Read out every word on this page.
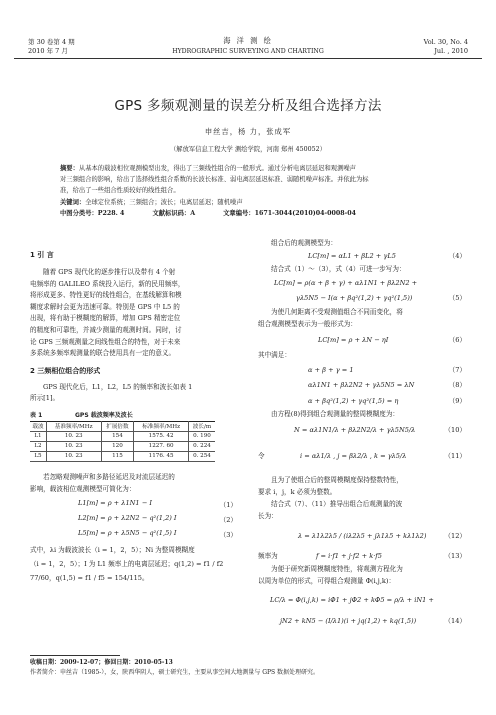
第 30 卷第 4 期
2010 年 7 月
海 洋 测 绘
HYDROGRAPHIC SURVEYING AND CHARTING
Vol. 30, No. 4
Jul. , 2010
GPS 多频观测量的误差分析及组合选择方法
申丝吉，杨 力，张成军
（解放军信息工程大学 测绘学院，河南 郑州 450052）
摘要：从基本的载波相位观测模型出发，得出了三频线性组合的一般形式。通过分析电离层延迟和观测噪声
对三频组合的影响，给出了选择线性组合系数的长波长标准、弱电离层延迟标准、弱随机噪声标准。并依此为标
准，给出了一些组合性质较好的线性组合。
关键词：全球定位系统；三频组合；波长；电离层延迟；随机噪声
中图分类号：P228. 4	文献标识码：A	文章编号：1671-3044(2010)04-0008-04
1 引 言
随着 GPS 现代化的逐步推行以及带有 4 个射
电频率的 GALILEO 系统投入运行，新的民用频率，
将形成更多、特性更好的线性组合，在基线解算和模
糊度求解时会更为迅速可靠。特别是 GPS 中 L5 的
出现，将有助于模糊度的解算，增加 GPS 精密定位
的精度和可靠性，并减少测量的观测时间。同时，讨
论 GPS 三频观测量之间线性组合的特性，对于未来
多系统多频率观测量的联合使用具有一定的意义。
2 三频相位组合的形式
GPS 现代化后，L1，L2，L5 的频率和波长如表 1
所示[1]。
表 1	GPS 载波频率及波长
载波	基准频率/MHz	扩展倍数	标准频率/MHz	波长/m
L1	10. 23	154	1575. 42	0. 190
L2	10. 23	120	1227. 60	0. 224
L5	10. 23	115	1176. 45	0. 254
若忽略观测噪声和多路径延迟及对流层延迟的
影响，载波相位观测模型可简化为：
L1[m] = ρ + λ1N1 − I	（1）
L2[m] = ρ + λ2N2 − q²(1,2) I	（2）
L5[m] = ρ + λ5N5 − q²(1,5) I	（3）
式中，λi 为载波波长（i = 1，2，5）；Ni 为整周模糊度
（i = 1，2，5）；I 为 L1 频率上的电离层延迟；q(1,2) = f1 / f2
77/60，q(1,5) = f1 / f5 = 154/115。
组合后的观测模型为：
LC[m] = αL1 + βL2 + γL5	（4）
结合式（1）～（3），式（4）可进一步写为：
LC[m] = ρ(α + β + γ) + αλ1N1 + βλ2N2 +
γλ5N5 − I(α + βq²(1,2) + γq²(1,5))	（5）
为使几何距离不受观测值组合不同而变化，将
组合观测模型表示为一般形式为：
LC[m] = ρ + λN − ηI	（6）
其中满足：
α + β + γ = 1	（7）
αλ1N1 + βλ2N2 + γλ5N5 = λN	（8）
α + βq²(1,2) + γq²(1,5) = η	（9）
由方程(8)得到组合观测量的整周模糊度为：
N = αλ1N1/λ + βλ2N2/λ + γλ5N5/λ	（10）
令	i = αλ1/λ , j = βλ2/λ , k = γλ5/λ	（11）
且为了使组合后的整周模糊度保持整数特性，
要求 i，j，k 必须为整数。
结合式（7）、（11）推导出组合后观测量的波
长为：
λ = λ1λ2λ5 / (iλ2λ5 + jλ1λ5 + kλ1λ2)	（12）
频率为	f = i·f1 + j·f2 + k·f5	（13）
为便于研究新周模糊度特性，将观测方程化为
以周为单位的形式，可得组合观测量 Φ(i,j,k)：
LC/λ = Φ(i,j,k) = iΦ1 + jΦ2 + kΦ5 = ρ/λ + iN1 +
jN2 + kN5 − (I/λ1)(i + jq(1,2) + kq(1,5))	（14）
收稿日期：2009-12-07；修回日期：2010-05-13
作者简介：申丝吉（1985-），女，陕西华阴人，硕士研究生，主要从事空间大地测量与 GPS 数据处理研究。
